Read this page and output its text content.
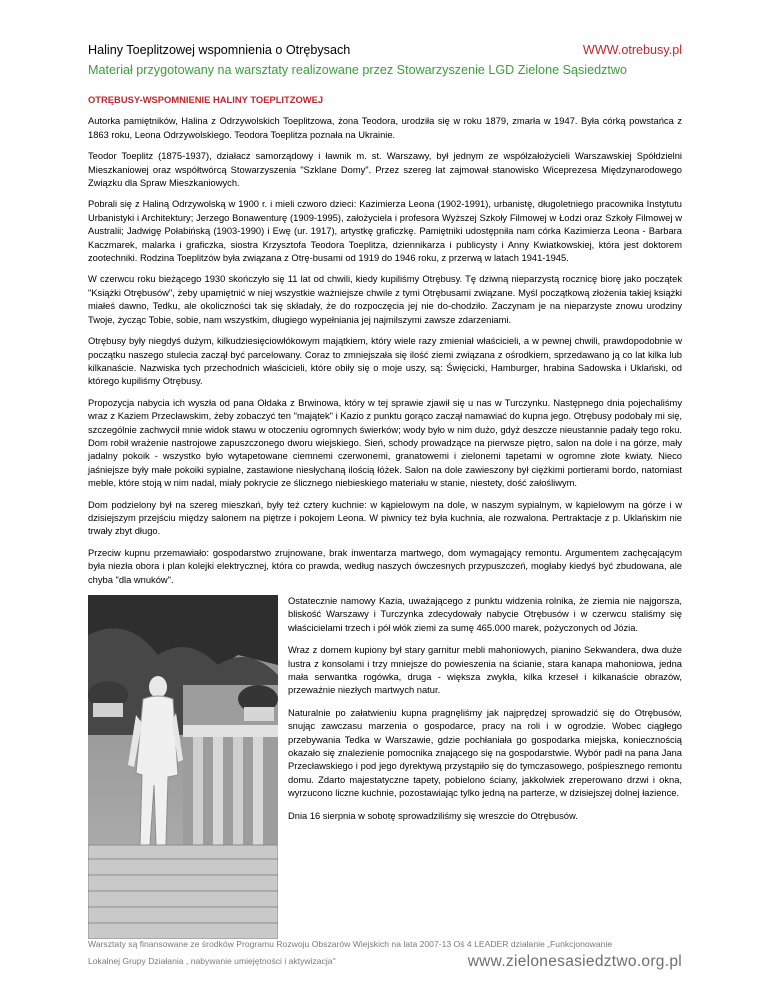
Haliny Toeplitzowej wspomnienia o Otrębysach	WWW.otrebusy.pl
Materiał przygotowany na warsztaty realizowane przez Stowarzyszenie LGD Zielone Sąsiedztwo
OTRĘBUSY-WSPOMNIENIE HALINY TOEPLITZOWEJ

Autorka pamiętników, Halina z Odrzywolskich Toeplitzowa, żona Teodora, urodziła się w roku 1879, zmarła w 1947. Była córką powstańca z 1863 roku, Leona Odrzywolskiego. Teodora Toeplitza poznała na Ukrainie.

Teodor Toeplitz (1875-1937), działacz samorządowy i ławnik m. st. Warszawy, był jednym ze współzałożycieli Warszawskiej Spółdzielni Mieszkaniowej oraz współtwórcą Stowarzyszenia "Szklane Domy". Przez szereg lat zajmował stanowisko Wiceprezesa Międzynarodowego Związku dla Spraw Mieszkaniowych.

Pobrali się z Haliną Odrzywolską w 1900 r. i mieli czworo dzieci: Kazimierza Leona (1902-1991), urbanistę, długoletniego pracownika Instytutu Urbanistyki i Architektury; Jerzego Bonawenturę (1909-1995), założyciela i profesora Wyższej Szkoły Filmowej w Łodzi oraz Szkoły Filmowej w Australii; Jadwigę Połabińską (1903-1990) i Ewę (ur. 1917), artystkę graficzkę. Pamiętniki udostępniła nam córka Kazimierza Leona - Barbara Kaczmarek, malarka i graficzka, siostra Krzysztofa Teodora Toeplitza, dziennikarza i publicysty i Anny Kwiatkowskiej, która jest doktorem zootechniki. Rodzina Toeplitzów była związana z Otrę-busami od 1919 do 1946 roku, z przerwą w latach 1941-1945.

W czerwcu roku bieżącego 1930 skończyło się 11 lat od chwili, kiedy kupiliśmy Otrębusy. Tę dziwną nieparzystą rocznicę biorę jako początek "Książki Otrębusów", żeby upamiętnić w niej wszystkie ważniejsze chwile z tymi Otrębusami związane. Myśl początkową złożenia takiej książki miałeś dawno, Tedku, ale okoliczności tak się składały, że do rozpoczęcia jej nie do-chodziło. Zaczynam je na nieparzyste znowu urodziny Twoje, życząc Tobie, sobie, nam wszystkim, długiego wypełniania jej najmilszymi zawsze zdarzeniami.

Otrębusy były niegdyś dużym, kilkudziesięciowłókowym majątkiem, który wiele razy zmieniał właścicieli, a w pewnej chwili, prawdopodobnie w początku naszego stulecia zaczął być parcelowany. Coraz to zmniejszała się ilość ziemi związana z ośrodkiem, sprzedawano ją co lat kilka lub kilkanaście. Nazwiska tych przechodnich właścicieli, które obiły się o moje uszy, są: Święcicki, Hamburger, hrabina Sadowska i Uklański, od którego kupiliśmy Otrębusy.

Propozycja nabycia ich wyszła od pana Ołdaka z Brwinowa, który w tej sprawie zjawił się u nas w Turczynku. Następnego dnia pojechaliśmy wraz z Kaziem Przecławskim, żeby zobaczyć ten "majątek" i Kazio z punktu gorąco zaczął namawiać do kupna jego. Otrębusy podobały mi się, szczególnie zachwycił mnie widok stawu w otoczeniu ogromnych świerków; wody było w nim dużo, gdyż deszcze nieustannie padały tego roku. Dom robił wrażenie nastrojowe zapuszczonego dworu wiejskiego. Sień, schody prowadzące na pierwsze piętro, salon na dole i na górze, mały jadalny pokoik - wszystko było wytapetowane ciemnemi czerwonemi, granatowemi i zielonemi tapetami w ogromne złote kwiaty. Nieco jaśniejsze były małe pokoiki sypialne, zastawione niesłychaną ilością łóżek. Salon na dole zawieszony był ciężkimi portierami bordo, natomiast meble, które stoją w nim nadal, miały pokrycie ze ślicznego niebieskiego materiału w stanie, niestety, dość załośliwym.

Dom podzielony był na szereg mieszkań, były też cztery kuchnie: w kąpielowym na dole, w naszym sypialnym, w kąpielowym na górze i w dzisiejszym przejściu między salonem na piętrze i pokojem Leona. W piwnicy też była kuchnia, ale rozwalona. Pertraktacje z p. Uklańskim nie trwały zbyt długo.

Przeciw kupnu przemawiało: gospodarstwo zrujnowane, brak inwentarza martwego, dom wymagający remontu. Argumentem zachęcającym była niezła obora i plan kolejki elektrycznej, która co prawda, według naszych ówczesnych przypuszczeń, mogłaby kiedyś być zbudowana, ale chyba "dla wnuków".

Ostatecznie namowy Kazia, uważającego z punktu widzenia rolnika, że ziemia nie najgorsza, bliskość Warszawy i Turczynka zdecydowały nabycie Otrębusów i w czerwcu staliśmy się właścicielami trzech i pół włók ziemi za sumę 465.000 marek, pożyczonych od Józia.

Wraz z domem kupiony był stary garnitur mebli mahoniowych, pianino Sekwandera, dwa duże lustra z konsolami i trzy mniejsze do powieszenia na ścianie, stara kanapa mahoniowa, jedna mała serwantka rogówka, druga - większa zwykła, kilka krzeseł i kilkanaście obrazów, przeważnie niezłych martwych natur.

Naturalnie po załatwieniu kupna pragnęliśmy jak najprędzej sprowadzić się do Otrębusów, snując zawczasu marzenia o gospodarce, pracy na roli i w ogrodzie. Wobec ciągłego przebywania Tedka w Warszawie, gdzie pochłaniała go gospodarka miejska, koniecznością okazało się znalezienie pomocnika znającego się na gospodarstwie. Wybór padł na pana Jana Przecławskiego i pod jego dyrektywą przystąpiło się do tymczasowego, pośpiesznego remontu domu. Zdarto majestatyczne tapety, pobielono ściany, jakkolwiek zreperowano drzwi i okna, wyrzucono liczne kuchnie, pozostawiając tylko jedną na parterze, w dzisiejszej dolnej łazience.

Dnia 16 sierpnia w sobotę sprowadziliśmy się wreszcie do Otrębusów.

Warsztaty są finansowane ze środków Programu Rozwoju Obszarów Wiejskich na lata 2007-13 Oś 4 LEADER działanie „Funkcjonowanie
Lokalnej Grupy Działania , nabywanie umiejętności i aktywizacja"	www.zielonesasiedztwo.org.pl
